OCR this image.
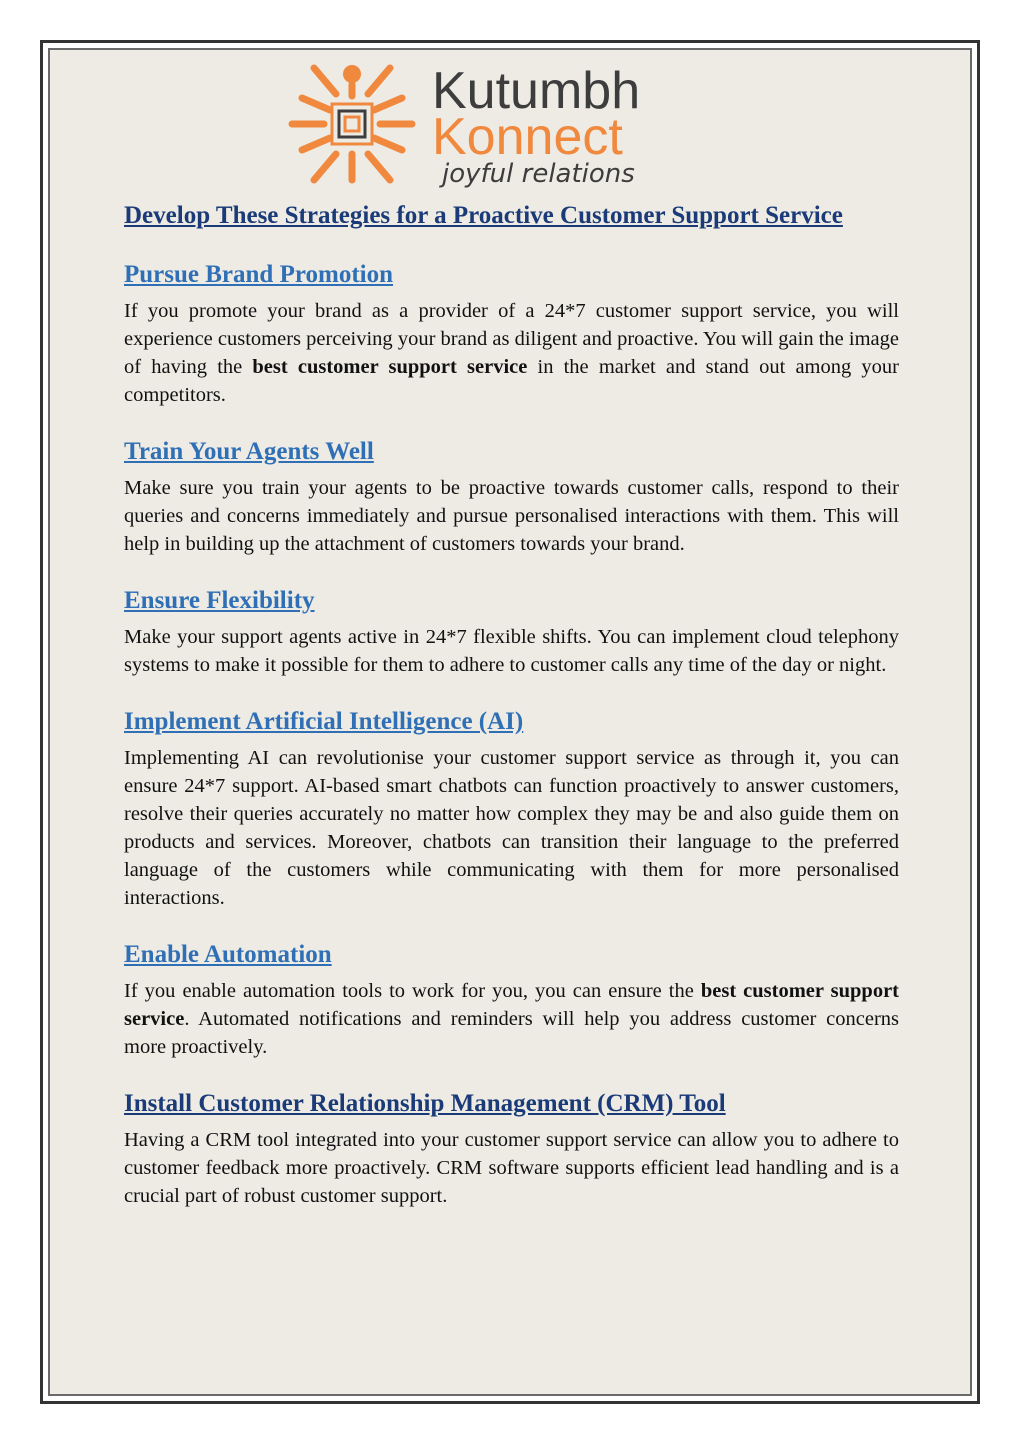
Kutumbh
Konnect
joyful relations
Develop These Strategies for a Proactive Customer Support Service
Pursue Brand Promotion

If you promote your brand as a provider of a 24*7 customer support service, you will experience customers perceiving your brand as diligent and proactive. You will gain the image of having the best customer support service in the market and stand out among your competitors.

Train Your Agents Well

Make sure you train your agents to be proactive towards customer calls, respond to their queries and concerns immediately and pursue personalised interactions with them. This will help in building up the attachment of customers towards your brand.

Ensure Flexibility

Make your support agents active in 24*7 flexible shifts. You can implement cloud telephony systems to make it possible for them to adhere to customer calls any time of the day or night.

Implement Artificial Intelligence (AI)

Implementing AI can revolutionise your customer support service as through it, you can ensure 24*7 support. AI-based smart chatbots can function proactively to answer customers, resolve their queries accurately no matter how complex they may be and also guide them on products and services. Moreover, chatbots can transition their language to the preferred language of the customers while communicating with them for more personalised interactions.

Enable Automation

If you enable automation tools to work for you, you can ensure the best customer support service. Automated notifications and reminders will help you address customer concerns more proactively.

Install Customer Relationship Management (CRM) Tool

Having a CRM tool integrated into your customer support service can allow you to adhere to customer feedback more proactively. CRM software supports efficient lead handling and is a crucial part of robust customer support.
